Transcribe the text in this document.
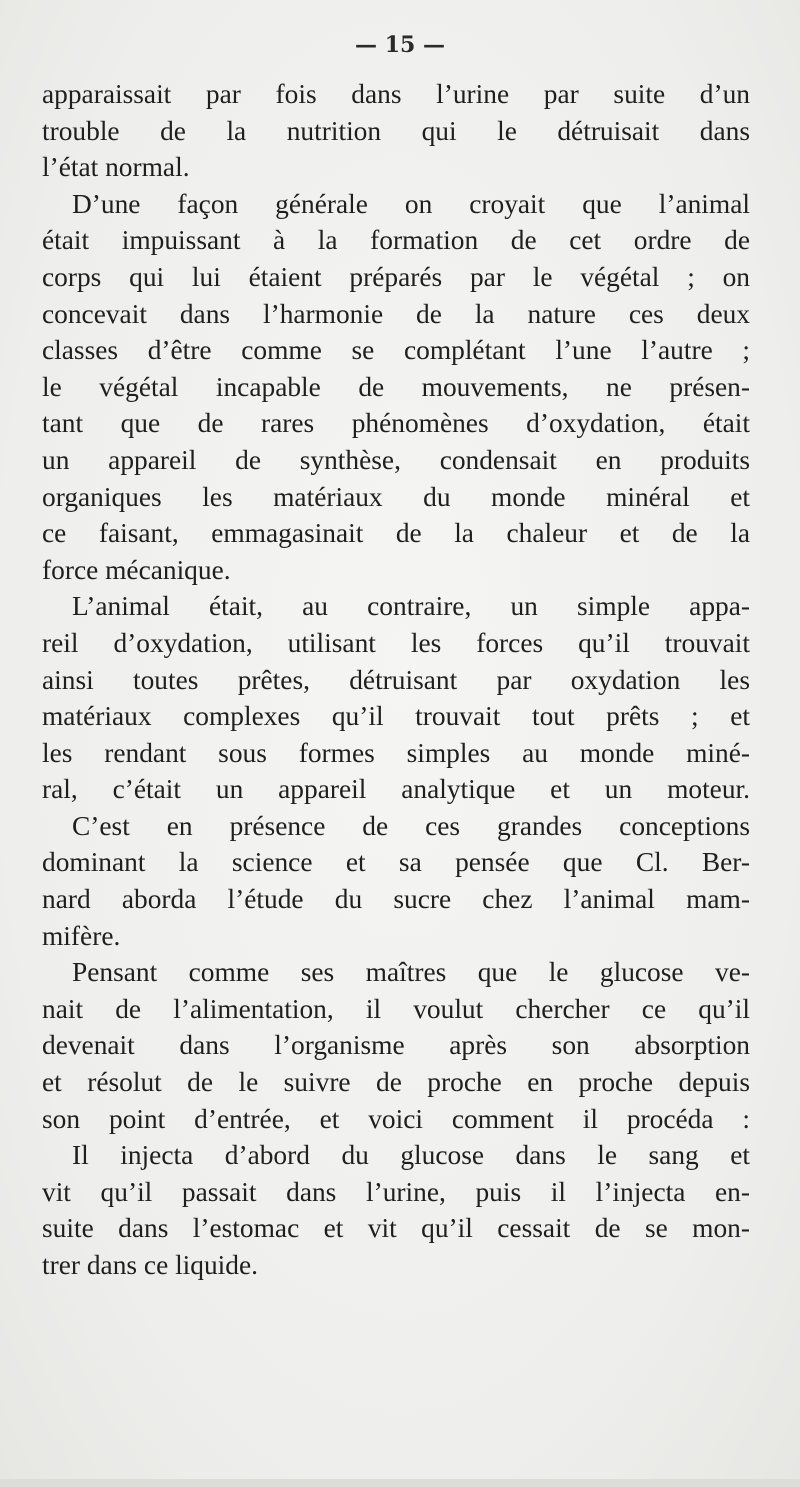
— 15 —
apparaissait par fois dans l’urine par suite d’un
trouble de la nutrition qui le détruisait dans
l’état normal.
D’une façon générale on croyait que l’animal
était impuissant à la formation de cet ordre de
corps qui lui étaient préparés par le végétal ; on
concevait dans l’harmonie de la nature ces deux
classes d’être comme se complétant l’une l’autre ;
le végétal incapable de mouvements, ne présen-
tant que de rares phénomènes d’oxydation, était
un appareil de synthèse, condensait en produits
organiques les matériaux du monde minéral et
ce faisant, emmagasinait de la chaleur et de la
force mécanique.
L’animal était, au contraire, un simple appa-
reil d’oxydation, utilisant les forces qu’il trouvait
ainsi toutes prêtes, détruisant par oxydation les
matériaux complexes qu’il trouvait tout prêts ; et
les rendant sous formes simples au monde miné-
ral, c’était un appareil analytique et un moteur.
C’est en présence de ces grandes conceptions
dominant la science et sa pensée que Cl. Ber-
nard aborda l’étude du sucre chez l’animal mam-
mifère.
Pensant comme ses maîtres que le glucose ve-
nait de l’alimentation, il voulut chercher ce qu’il
devenait dans l’organisme après son absorption
et résolut de le suivre de proche en proche depuis
son point d’entrée, et voici comment il procéda :
Il injecta d’abord du glucose dans le sang et
vit qu’il passait dans l’urine, puis il l’injecta en-
suite dans l’estomac et vit qu’il cessait de se mon-
trer dans ce liquide.
